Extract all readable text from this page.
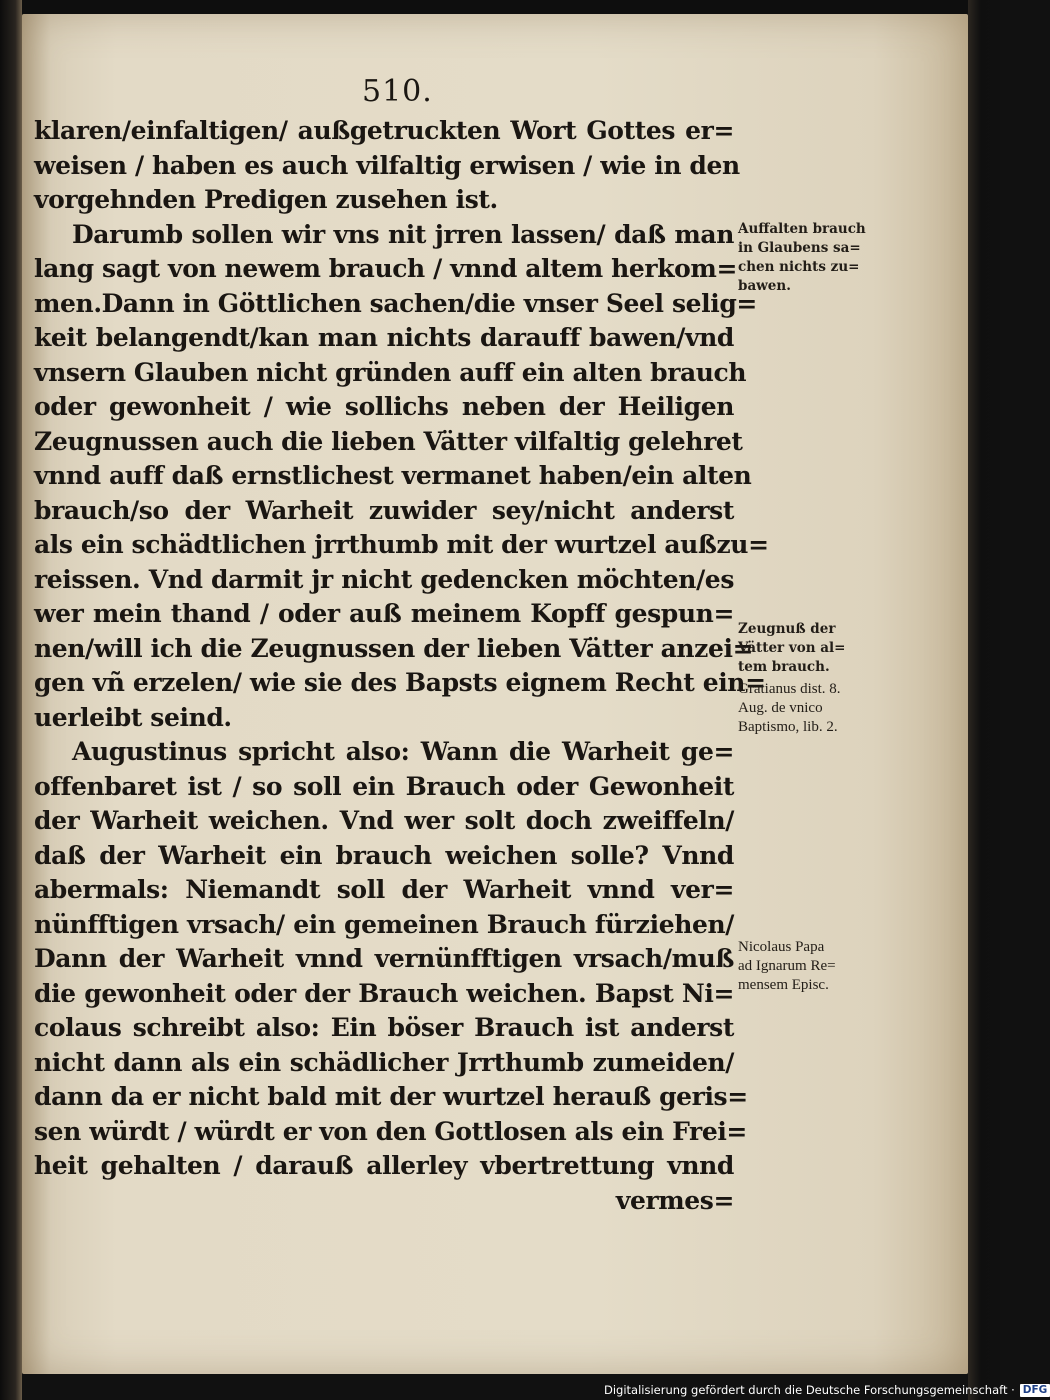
510.
klaren/einfaltigen/ außgetruckten Wort Gottes er=
weisen / haben es auch vilfaltig erwisen / wie in den
vorgehnden Predigen zusehen ist.
Darumb sollen wir vns nit jrren lassen/ daß man
lang sagt von newem brauch / vnnd altem herkom=
men.Dann in Göttlichen sachen/die vnser Seel selig=
keit belangendt/kan man nichts darauff bawen/vnd
vnsern Glauben nicht gründen auff ein alten brauch
oder gewonheit / wie sollichs neben der Heiligen
Zeugnussen auch die lieben Vätter vilfaltig gelehret
vnnd auff daß ernstlichest vermanet haben/ein alten
brauch/so der Warheit zuwider sey/nicht anderst
als ein schädtlichen jrrthumb mit der wurtzel außzu=
reissen. Vnd darmit jr nicht gedencken möchten/es
wer mein thand / oder auß meinem Kopff gespun=
nen/will ich die Zeugnussen der lieben Vätter anzei=
gen vñ erzelen/ wie sie des Bapsts eignem Recht ein=
uerleibt seind.
Augustinus spricht also: Wann die Warheit ge=
offenbaret ist / so soll ein Brauch oder Gewonheit
der Warheit weichen. Vnd wer solt doch zweiffeln/
daß der Warheit ein brauch weichen solle? Vnnd
abermals: Niemandt soll der Warheit vnnd ver=
nünfftigen vrsach/ ein gemeinen Brauch fürziehen/
Dann der Warheit vnnd vernünfftigen vrsach/muß
die gewonheit oder der Brauch weichen. Bapst Ni=
colaus schreibt also: Ein böser Brauch ist anderst
nicht dann als ein schädlicher Jrrthumb zumeiden/
dann da er nicht bald mit der wurtzel herauß geris=
sen würdt / würdt er von den Gottlosen als ein Frei=
heit gehalten / darauß allerley vbertrettung vnnd
vermes=
Auffalten brauch
in Glaubens sa=
chen nichts zu=
bawen.
Zeugnuß der
Vätter von al=
tem brauch.
Gratianus dist. 8.
Aug. de vnico
Baptismo, lib. 2.
Nicolaus Papa
ad Ignarum Re=
mensem Episc.
Digitalisierung gefördert durch die Deutsche Forschungsgemeinschaft · DFG
